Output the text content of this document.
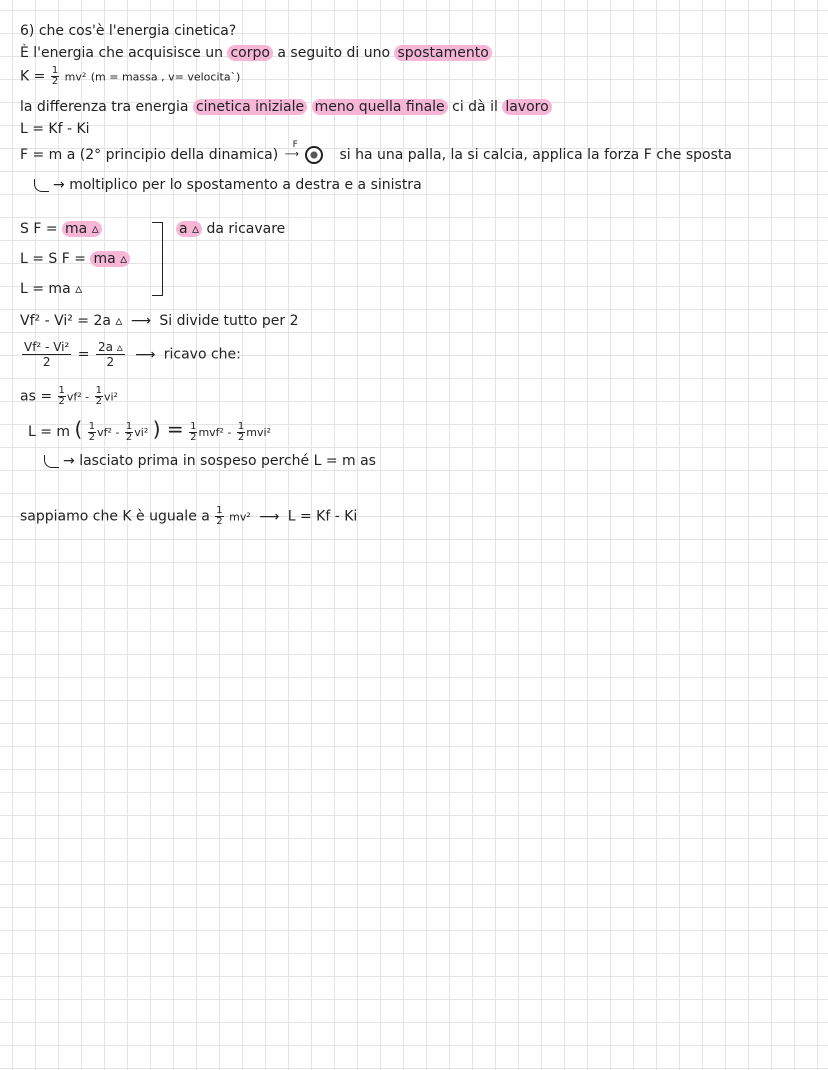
6) che cos'è l'energia cinetica?
È l'energia che acquisisce un corpo a seguito di uno spostamento
$K = \frac{1}{2} mv^2$ (m = massa , v= velocita`)
la differenza tra energia cinetica iniziale meno quella finale ci dà il lavoro
L = Kf - Ki
F = m a (2° principio della dinamica)
F
⟶	si ha una palla, la si calcia, applica la forza F che sposta
→ moltiplico per lo spostamento a destra e a sinistra
S F = ma ▵
L = S F = ma ▵
L = ma ▵
a ▵ da ricavare
Vf² - Vi² = 2a ▵ ⟶ Si divide tutto per 2
$\frac{\text{Vf² - Vi²}}{2} = \frac{2a ▵}{2}$ ⟶ ricavo che:
as = $\frac{1}{2} vf^2 - \frac{1}{2} vi^2$
L = m ( $\frac{1}{2} vf^2 - \frac{1}{2} vi^2$ ) = $\frac{1}{2} mvf^2 - \frac{1}{2} mvi^2$
→ lasciato prima in sospeso perché L = m as
sappiamo che K è uguale a $\frac{1}{2} mv^2$ ⟶ L = Kf - Ki
